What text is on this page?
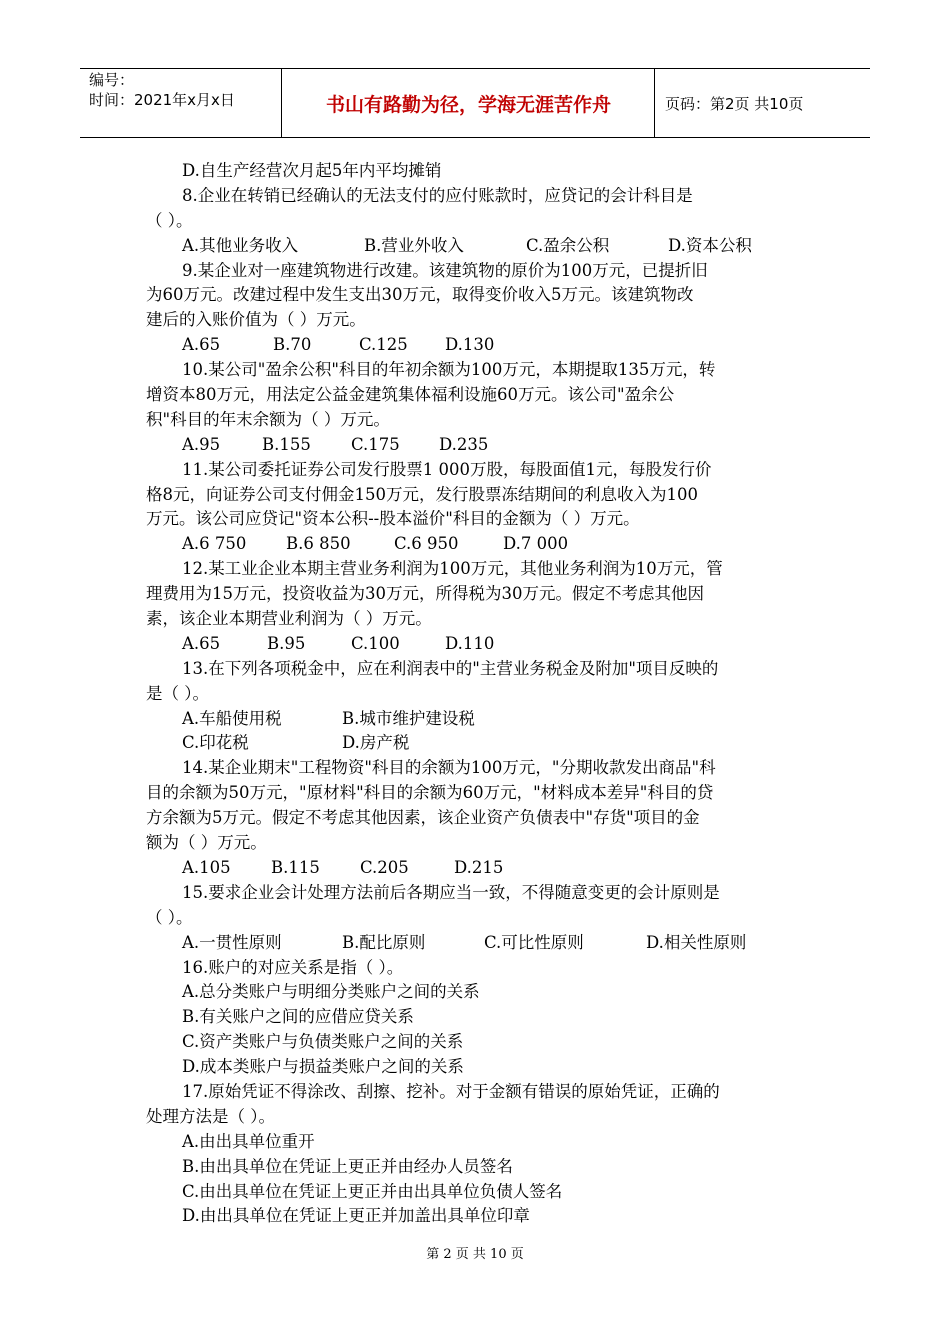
编号：
时间：2021年x月x日	书山有路勤为径，学海无涯苦作舟	页码：第2页 共10页
D.自生产经营次月起5年内平均摊销
8.企业在转销已经确认的无法支付的应付账款时，应贷记的会计科目是
（ ）。
A.其他业务收入	B.营业外收入	C.盈余公积	D.资本公积
9.某企业对一座建筑物进行改建。该建筑物的原价为100万元，已提折旧
为60万元。改建过程中发生支出30万元，取得变价收入5万元。该建筑物改
建后的入账价值为（ ）万元。
A.65	B.70	C.125 D.130
10.某公司"盈余公积"科目的年初余额为100万元，本期提取135万元，转
增资本80万元，用法定公益金建筑集体福利设施60万元。该公司"盈余公
积"科目的年末余额为（ ）万元。
A.95	B.155 C.175 D.235
11.某公司委托证券公司发行股票1 000万股，每股面值1元，每股发行价
格8元，向证券公司支付佣金150万元，发行股票冻结期间的利息收入为100
万元。该公司应贷记"资本公积--股本溢价"科目的金额为（ ）万元。
A.6 750 B.6 850	C.6 950	D.7 000
12.某工业企业本期主营业务利润为100万元，其他业务利润为10万元，管
理费用为15万元，投资收益为30万元，所得税为30万元。假定不考虑其他因
素，该企业本期营业利润为（ ）万元。
A.65	B.95	C.100	D.110
13.在下列各项税金中，应在利润表中的"主营业务税金及附加"项目反映的
是（ ）。
A.车船使用税	B.城市维护建设税
C.印花税	D.房产税
14.某企业期末"工程物资"科目的余额为100万元，"分期收款发出商品"科
目的余额为50万元，"原材料"科目的余额为60万元，"材料成本差异"科目的贷
方余额为5万元。假定不考虑其他因素，该企业资产负债表中"存货"项目的金
额为（ ）万元。
A.105 B.115 C.205	D.215
15.要求企业会计处理方法前后各期应当一致，不得随意变更的会计原则是
（ ）。
A.一贯性原则	B.配比原则	C.可比性原则	D.相关性原则
16.账户的对应关系是指（ ）。
A.总分类账户与明细分类账户之间的关系
B.有关账户之间的应借应贷关系
C.资产类账户与负债类账户之间的关系
D.成本类账户与损益类账户之间的关系
17.原始凭证不得涂改、刮擦、挖补。对于金额有错误的原始凭证，正确的
处理方法是（ ）。
A.由出具单位重开
B.由出具单位在凭证上更正并由经办人员签名
C.由出具单位在凭证上更正并由出具单位负债人签名
D.由出具单位在凭证上更正并加盖出具单位印章
第 2 页 共 10 页
